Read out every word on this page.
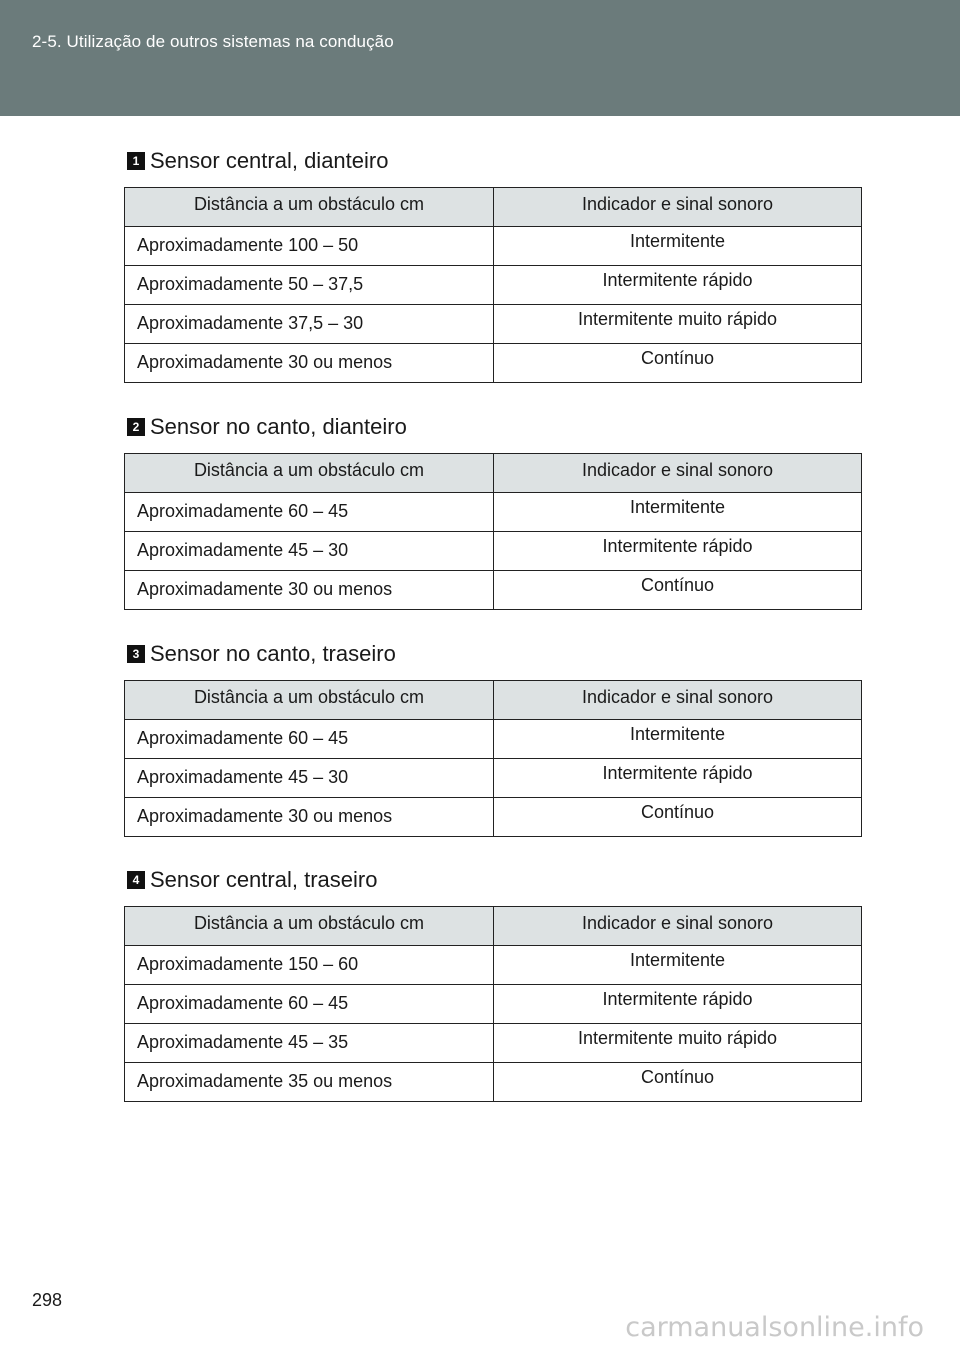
2-5. Utilização de outros sistemas na condução
1 Sensor central, dianteiro
Distância a um obstáculo cm	Indicador e sinal sonoro
Aproximadamente 100 – 50	Intermitente
Aproximadamente 50 – 37,5	Intermitente rápido
Aproximadamente 37,5 – 30	Intermitente muito rápido
Aproximadamente 30 ou menos	Contínuo
2 Sensor no canto, dianteiro
Distância a um obstáculo cm	Indicador e sinal sonoro
Aproximadamente 60 – 45	Intermitente
Aproximadamente 45 – 30	Intermitente rápido
Aproximadamente 30 ou menos	Contínuo
3 Sensor no canto, traseiro
Distância a um obstáculo cm	Indicador e sinal sonoro
Aproximadamente 60 – 45	Intermitente
Aproximadamente 45 – 30	Intermitente rápido
Aproximadamente 30 ou menos	Contínuo
4 Sensor central, traseiro
Distância a um obstáculo cm	Indicador e sinal sonoro
Aproximadamente 150 – 60	Intermitente
Aproximadamente 60 – 45	Intermitente rápido
Aproximadamente 45 – 35	Intermitente muito rápido
Aproximadamente 35 ou menos	Contínuo
298
carmanualsonline.info
